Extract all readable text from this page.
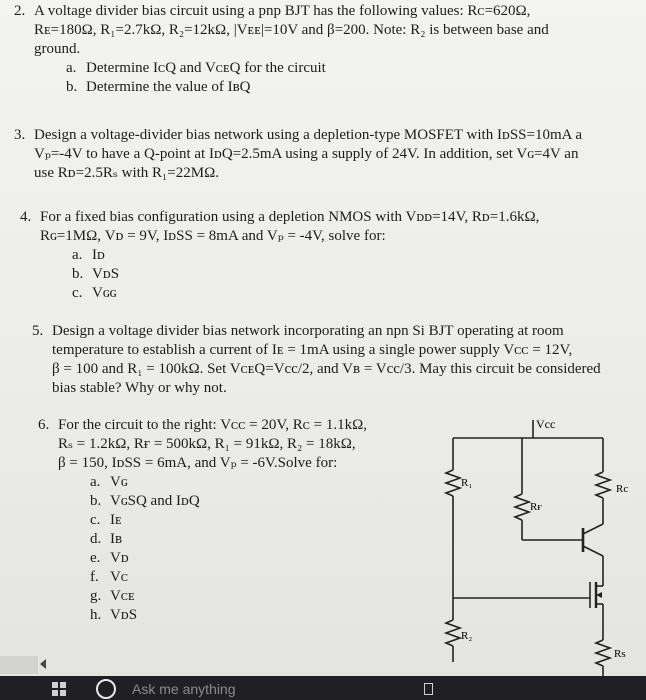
2. A voltage divider bias circuit using a pnp BJT has the following values: Rᴄ=620Ω,
Rᴇ=180Ω, R₁=2.7kΩ, R₂=12kΩ, |Vᴇᴇ|=10V and β=200. Note: R₂ is between base and
ground.
a. Determine IᴄQ and VᴄᴇQ for the circuit
b. Determine the value of IʙQ
3. Design a voltage-divider bias network using a depletion-type MOSFET with IᴅSS=10mA a
Vₚ=-4V to have a Q-point at IᴅQ=2.5mA using a supply of 24V. In addition, set Vɢ=4V an
use Rᴅ=2.5Rₛ with R₁=22MΩ.
4. For a fixed bias configuration using a depletion NMOS with Vᴅᴅ=14V, Rᴅ=1.6kΩ,
Rɢ=1MΩ, Vᴅ = 9V, IᴅSS = 8mA and Vₚ = -4V, solve for:
a. Iᴅ
b. VᴅS
c. Vɢɢ
5. Design a voltage divider bias network incorporating an npn Si BJT operating at room
temperature to establish a current of Iᴇ = 1mA using a single power supply Vᴄᴄ = 12V,
β = 100 and R₁ = 100kΩ. Set VᴄᴇQ=Vcc/2, and Vʙ = Vcc/3. May this circuit be considered
bias stable? Why or why not.
6. For the circuit to the right: Vᴄᴄ = 20V, Rᴄ = 1.1kΩ,
Rₛ = 1.2kΩ, Rғ = 500kΩ, R₁ = 91kΩ, R₂ = 18kΩ,
β = 150, IᴅSS = 6mA, and Vₚ = -6V.Solve for:
a. Vɢ
b. VɢSQ and IᴅQ
c. Iᴇ
d. Iʙ
e. Vᴅ
f. Vᴄ
g. Vᴄᴇ
h. VᴅS
Vcc
R₁
Rғ
Rc
R₂
Rs
Ask me anything
